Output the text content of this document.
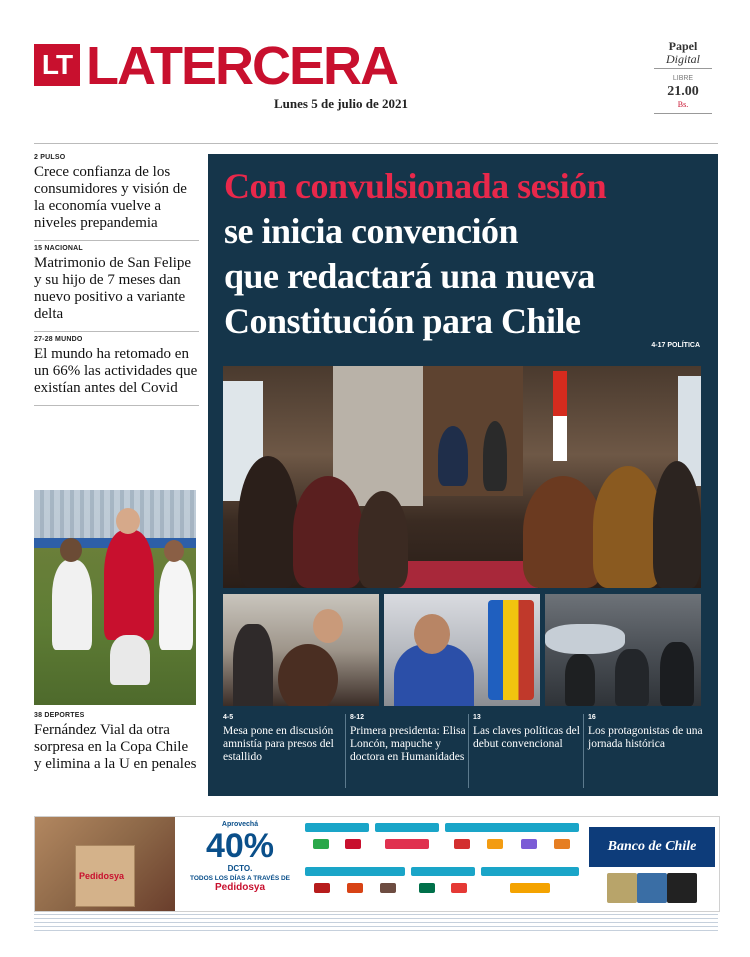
LT LATERCERA
Lunes 5 de julio de 2021
Papel
Digital
LIBRE
21.00
Bs.
2 PULSO
Crece confianza de los consumidores y visión de la economía vuelve a niveles prepandemia
15 NACIONAL
Matrimonio de San Felipe y su hijo de 7 meses dan nuevo positivo a variante delta
27-28 MUNDO
El mundo ha retomado en un 66% las actividades que existían antes del Covid
38 DEPORTES
Fernández Vial da otra sorpresa en la Copa Chile y elimina a la U en penales
Con convulsionada sesión
se inicia convención
que redactará una nueva
Constitución para Chile
4-17 POLÍTICA
4-5
Mesa pone en discusión amnistía para presos del estallido
8-12
Primera presidenta: Elisa Loncón, mapuche y doctora en Humanidades
13
Las claves políticas del debut convencional
16
Los protagonistas de una jornada histórica
Pedidosya
Aprovechá
40%
DCTO.
TODOS LOS DÍAS A TRAVÉS DE
Pedidosya

Banco de Chile
